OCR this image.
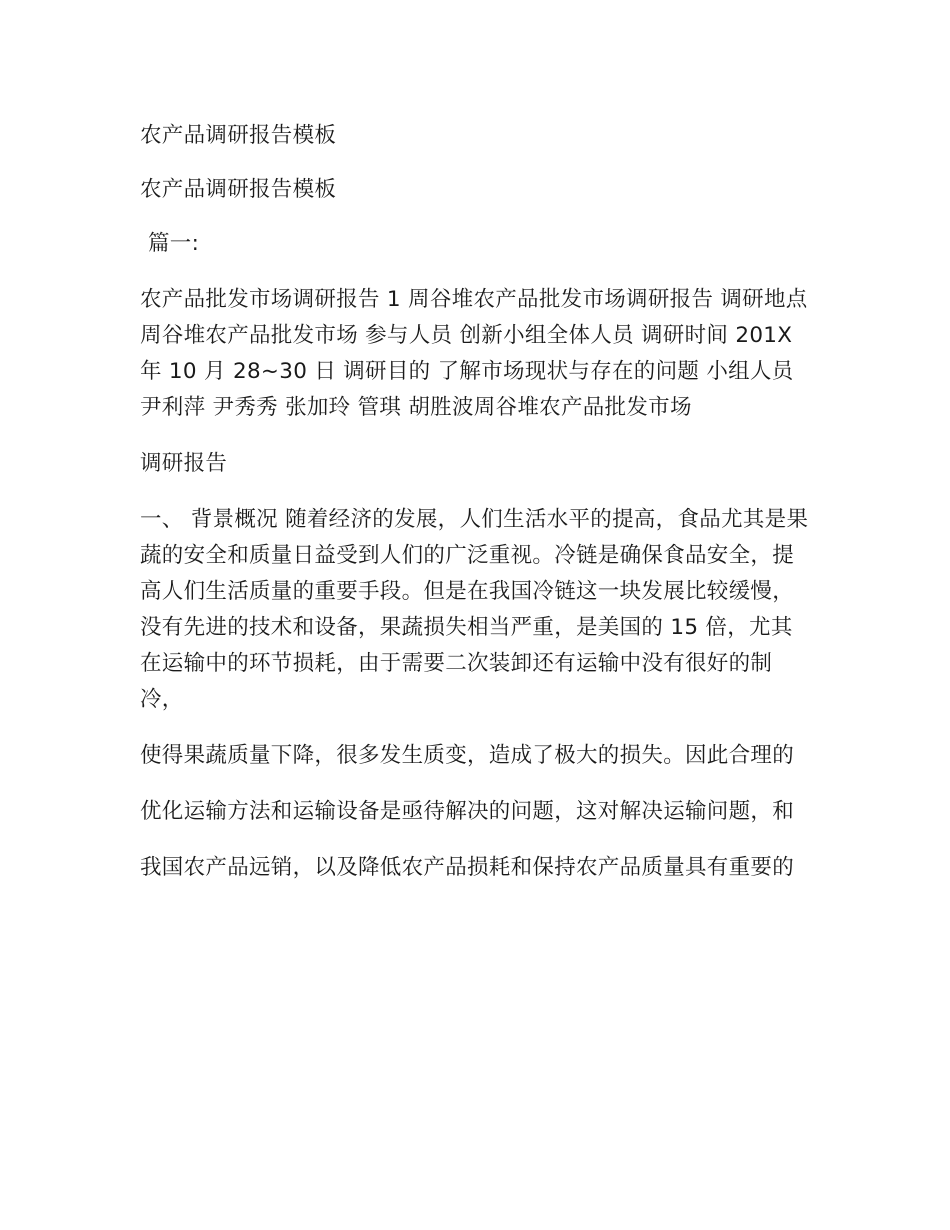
农产品调研报告模板

农产品调研报告模板

篇一:

农产品批发市场调研报告 1 周谷堆农产品批发市场调研报告 调研地点 周谷堆农产品批发市场 参与人员 创新小组全体人员 调研时间 201X 年 10 月 28~30 日 调研目的 了解市场现状与存在的问题 小组人员 尹利萍 尹秀秀 张加玲 管琪 胡胜波周谷堆农产品批发市场

调研报告

一、 背景概况 随着经济的发展，人们生活水平的提高，食品尤其是果蔬的安全和质量日益受到人们的广泛重视。冷链是确保食品安全，提高人们生活质量的重要手段。但是在我国冷链这一块发展比较缓慢，没有先进的技术和设备，果蔬损失相当严重，是美国的 15 倍，尤其在运输中的环节损耗，由于需要二次装卸还有运输中没有很好的制冷，

使得果蔬质量下降，很多发生质变，造成了极大的损失。因此合理的

优化运输方法和运输设备是亟待解决的问题，这对解决运输问题，和

我国农产品远销，以及降低农产品损耗和保持农产品质量具有重要的
